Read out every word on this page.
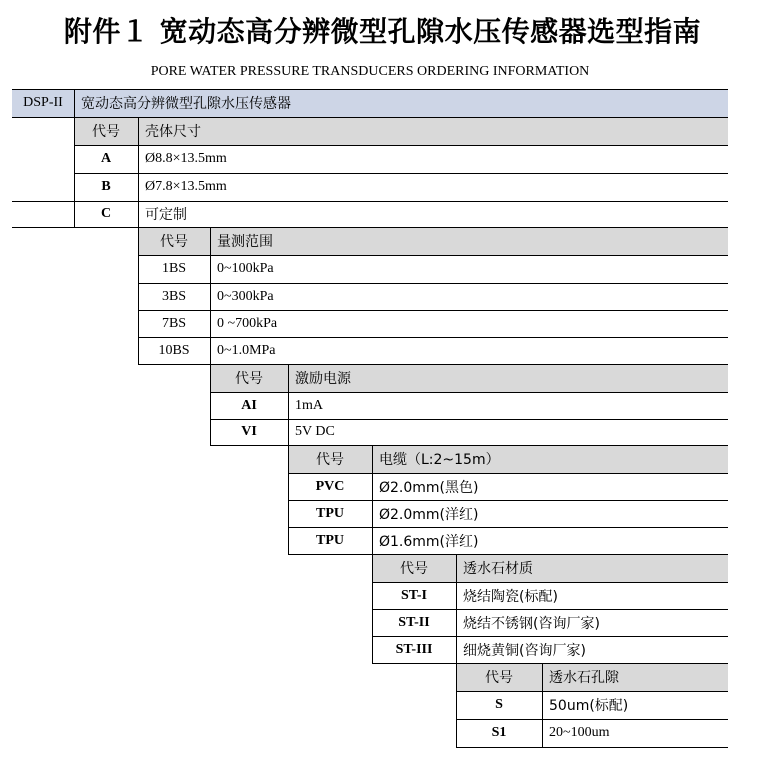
附件１ 宽动态高分辨微型孔隙水压传感器选型指南
PORE WATER PRESSURE TRANSDUCERS ORDERING INFORMATION
DSP-II	宽动态高分辨微型孔隙水压传感器
代号	壳体尺寸
A	Ø8.8×13.5mm
B	Ø7.8×13.5mm
C	可定制
代号	量测范围
1BS	0~100kPa
3BS	0~300kPa
7BS	0 ~700kPa
10BS	0~1.0MPa
代号	激励电源
AI	1mA
VI	5V DC
代号	电缆（L:2~15m）
PVC	Ø2.0mm(黑色)
TPU	Ø2.0mm(洋红)
TPU	Ø1.6mm(洋红)
代号	透水石材质
ST-I	烧结陶瓷(标配)
ST-II	烧结不锈钢(咨询厂家)
ST-III	细烧黄铜(咨询厂家)
代号	透水石孔隙
S	50um(标配)
S1	20~100um
